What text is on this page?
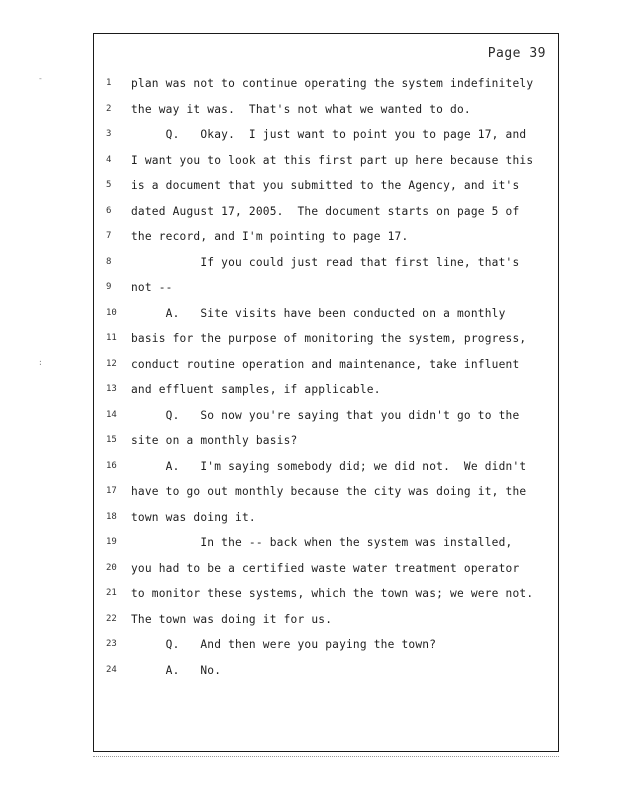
Page 39
1	plan was not to continue operating the system indefinitely
2	the way it was.  That's not what we wanted to do.
3	Q.   Okay.  I just want to point you to page 17, and
4	I want you to look at this first part up here because this
5	is a document that you submitted to the Agency, and it's
6	dated August 17, 2005.  The document starts on page 5 of
7	the record, and I'm pointing to page 17.
8	If you could just read that first line, that's
9	not --
10	A.   Site visits have been conducted on a monthly
11	basis for the purpose of monitoring the system, progress,
12	conduct routine operation and maintenance, take influent
13	and effluent samples, if applicable.
14	Q.   So now you're saying that you didn't go to the
15	site on a monthly basis?
16	A.   I'm saying somebody did; we did not.  We didn't
17	have to go out monthly because the city was doing it, the
18	town was doing it.
19	In the -- back when the system was installed,
20	you had to be a certified waste water treatment operator
21	to monitor these systems, which the town was; we were not.
22	The town was doing it for us.
23	Q.   And then were you paying the town?
24	A.   No.
-
:
